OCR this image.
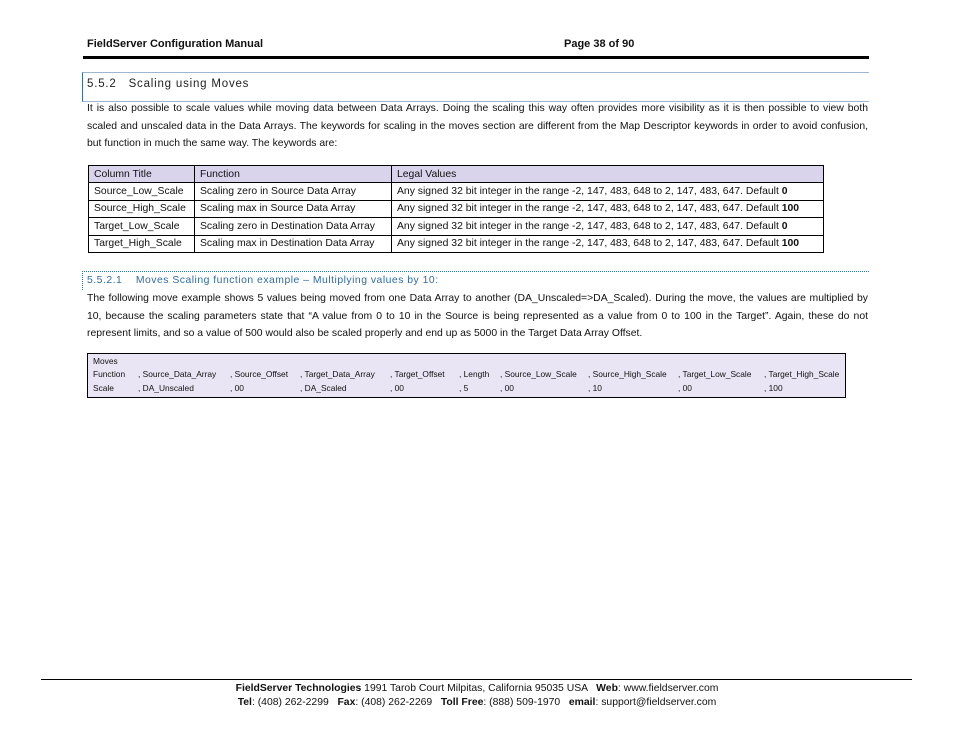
FieldServer Configuration Manual	Page 38 of 90
5.5.2   Scaling using Moves
It is also possible to scale values while moving data between Data Arrays. Doing the scaling this way often provides more visibility as it is then possible to view both scaled and unscaled data in the Data Arrays. The keywords for scaling in the moves section are different from the Map Descriptor keywords in order to avoid confusion, but function in much the same way. The keywords are:
Column Title	Function	Legal Values
Source_Low_Scale	Scaling zero in Source Data Array	Any signed 32 bit integer in the range -2, 147, 483, 648 to 2, 147, 483, 647. Default 0
Source_High_Scale	Scaling max in Source Data Array	Any signed 32 bit integer in the range -2, 147, 483, 648 to 2, 147, 483, 647. Default 100
Target_Low_Scale	Scaling zero in Destination Data Array	Any signed 32 bit integer in the range -2, 147, 483, 648 to 2, 147, 483, 647. Default 0
Target_High_Scale	Scaling max in Destination Data Array	Any signed 32 bit integer in the range -2, 147, 483, 648 to 2, 147, 483, 647. Default 100
5.5.2.1    Moves Scaling function example – Multiplying values by 10:
The following move example shows 5 values being moved from one Data Array to another (DA_Unscaled=>DA_Scaled). During the move, the values are multiplied by 10, because the scaling parameters state that “A value from 0 to 10 in the Source is being represented as a value from 0 to 100 in the Target”. Again, these do not represent limits, and so a value of 500 would also be scaled properly and end up as 5000 in the Target Data Array Offset.
Moves
Function , Source_Data_Array , Source_Offset , Target_Data_Array , Target_Offset , Length , Source_Low_Scale , Source_High_Scale , Target_Low_Scale , Target_High_Scale
Scale	, DA_Unscaled	, 00	, DA_Scaled	, 00	, 5	, 00	, 10	, 00	, 100
FieldServer Technologies 1991 Tarob Court Milpitas, California 95035 USA   Web: www.fieldserver.com
Tel: (408) 262-2299   Fax: (408) 262-2269   Toll Free: (888) 509-1970   email: support@fieldserver.com
